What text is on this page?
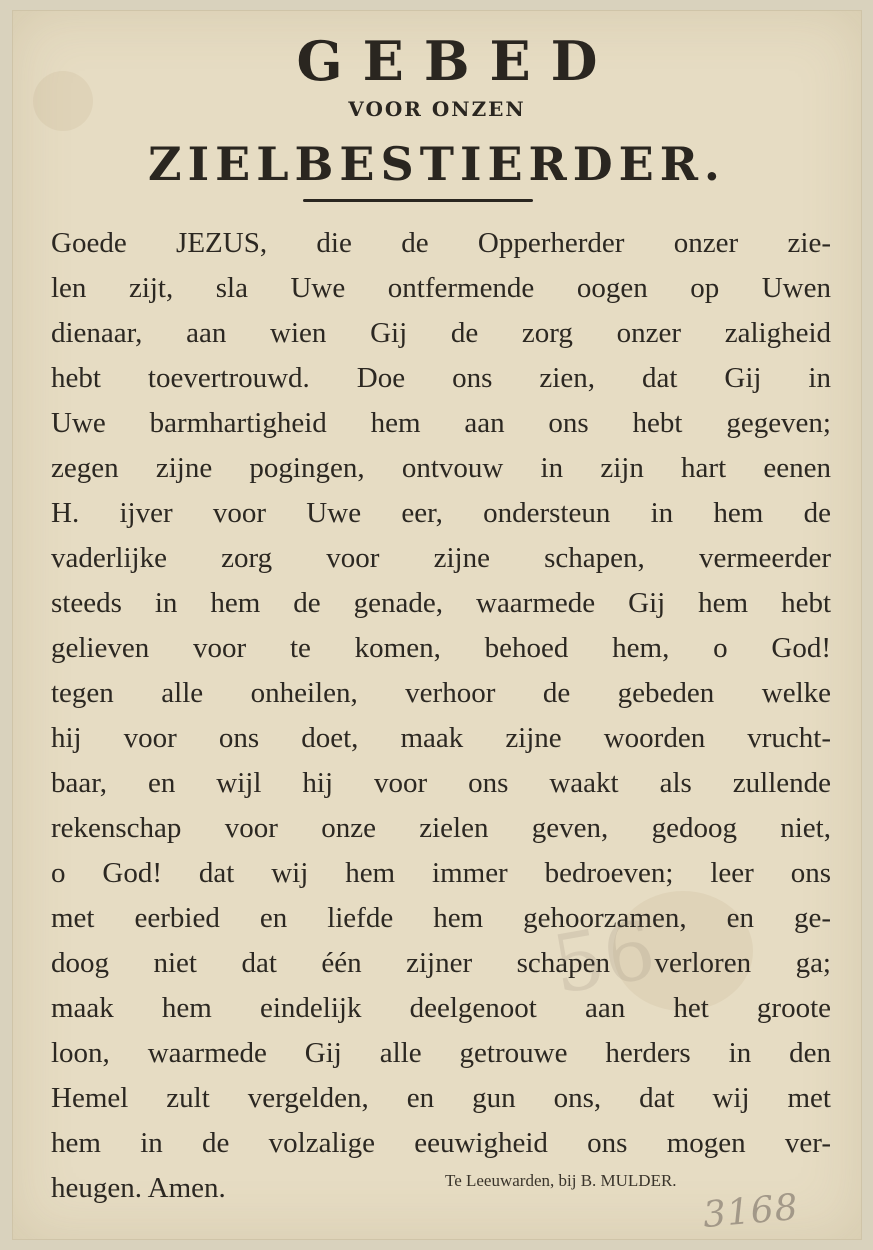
GEBED
VOOR ONZEN
ZIELBESTIERDER.
Goede JEZUS, die de Opperherder onzer zie-
len zijt, sla Uwe ontfermende oogen op Uwen
dienaar, aan wien Gij de zorg onzer zaligheid
hebt toevertrouwd. Doe ons zien, dat Gij in
Uwe barmhartigheid hem aan ons hebt gegeven;
zegen zijne pogingen, ontvouw in zijn hart eenen
H. ijver voor Uwe eer, ondersteun in hem de
vaderlijke zorg voor zijne schapen, vermeerder
steeds in hem de genade, waarmede Gij hem hebt
gelieven voor te komen, behoed hem, o God!
tegen alle onheilen, verhoor de gebeden welke
hij voor ons doet, maak zijne woorden vrucht-
baar, en wijl hij voor ons waakt als zullende
rekenschap voor onze zielen geven, gedoog niet,
o God! dat wij hem immer bedroeven; leer ons
met eerbied en liefde hem gehoorzamen, en ge-
doog niet dat één zijner schapen verloren ga;
maak hem eindelijk deelgenoot aan het groote
loon, waarmede Gij alle getrouwe herders in den
Hemel zult vergelden, en gun ons, dat wij met
hem in de volzalige eeuwigheid ons mogen ver-
heugen. Amen.
56
Te Leeuwarden, bij B. MULDER.
3168
